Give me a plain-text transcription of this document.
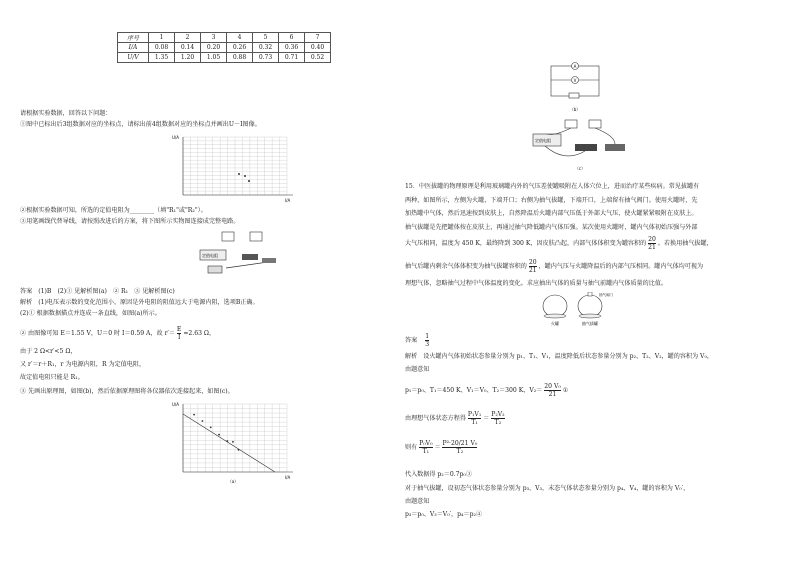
序号	1	2	3	4	5	6	7
I/A	0.08	0.14	0.20	0.26	0.32	0.36	0.40
U/V	1.35	1.20	1.05	0.88	0.73	0.71	0.52
请根据实验数据，回答以下问题：
①图中已标出后3组数据对应的坐标点，请标出前4组数据对应的坐标点并画出U－I图像。
U/A
I/A
②根据实验数据可知，所选的定值电阻为________（填"R₁"或"R₂"）。
③用笔画线代替导线，请按照改进后的方案，将下图所示实物图连接成完整电路。
定值电阻
答案　(1)B　(2)① 见解析图(a)　② R₁　③ 见解析图(c)
解析　(1)电压表示数的变化范围小，原因是外电阻的阻值远大于电源内阻，选项B正确。
(2)① 根据数据描点并连成一条直线，如图(a)所示。
② 由图像可知 E＝1.55 V，U＝0 时 I＝0.59 A，故 $r'= \frac{E}{I} \approx 2.63$ Ω，
由于 2 Ω<r′<5 Ω，
又 r′＝r＋R₁，r 为电源内阻，R 为定值电阻，
故定值电阻只能是 R₁。
③ 先画出原理图，如图(b)，然后依据原理图将各仪器依次连接起来，如图(c)。
U/A
I/A
（a）
A
V
（b）
定值电阻
（c）
15．中医拔罐的物理原理是利用玻璃罐内外的气压差使罐吸附在人体穴位上，进而治疗某些疾病。常见拔罐有
两种，如图所示，左侧为火罐，下端开口；右侧为抽气拔罐，下端开口，上端留有抽气阀门。使用火罐时，先
加热罐中气体，然后迅速按到皮肤上，自然降温后火罐内部气压低于外部大气压，使火罐紧紧吸附在皮肤上。
抽气拔罐是先把罐体按在皮肤上，再通过抽气降低罐内气体压强。某次使用火罐时，罐内气体初始压强与外部
大气压相同，温度为 450 K，最终降到 300 K，因皮肤凸起，内部气体体积变为罐容积的 $\frac{20}{21}$ 。若换用抽气拔罐，
抽气后罐内剩余气体体积变为抽气拔罐容积的 $\frac{20}{21}$ ，罐内气压与火罐降温后的内部气压相同。罐内气体均可视为
理想气体，忽略抽气过程中气体温度的变化。求应抽出气体的质量与抽气前罐内气体质量的比值。
火罐	抽气拔罐
抽气阀门
答案　 $\frac{1}{3}$
解析　设火罐内气体初始状态参量分别为 p₁、T₁、V₁，温度降低后状态参量分别为 p₂、T₂、V₂，罐的容积为 V₀，
由题意知
p₁＝p₀、T₁＝450 K、V₁＝V₀、T₂＝300 K、$V_2= \frac{\text{20 V₀}}{21}$ ①
由理想气体状态方程得 $\frac{\text{P₁V₁}}{\text{T₁}} = \frac{\text{P₂V₂}}{\text{T₂}}$
则有 $\frac{\text{P₀V₀}}{\text{T₁}} = \frac{\text{P²·20/21 V₀}}{\text{T₂}}$
代入数据得 p₂＝0.7p₀③
对于抽气拔罐，设初态气体状态参量分别为 p₃、V₃，末态气体状态参量分别为 p₄、V₄，罐的容积为 V₀′，
由题意知
p₃＝p₀、V₃＝V₀′，p₄＝p₂④
